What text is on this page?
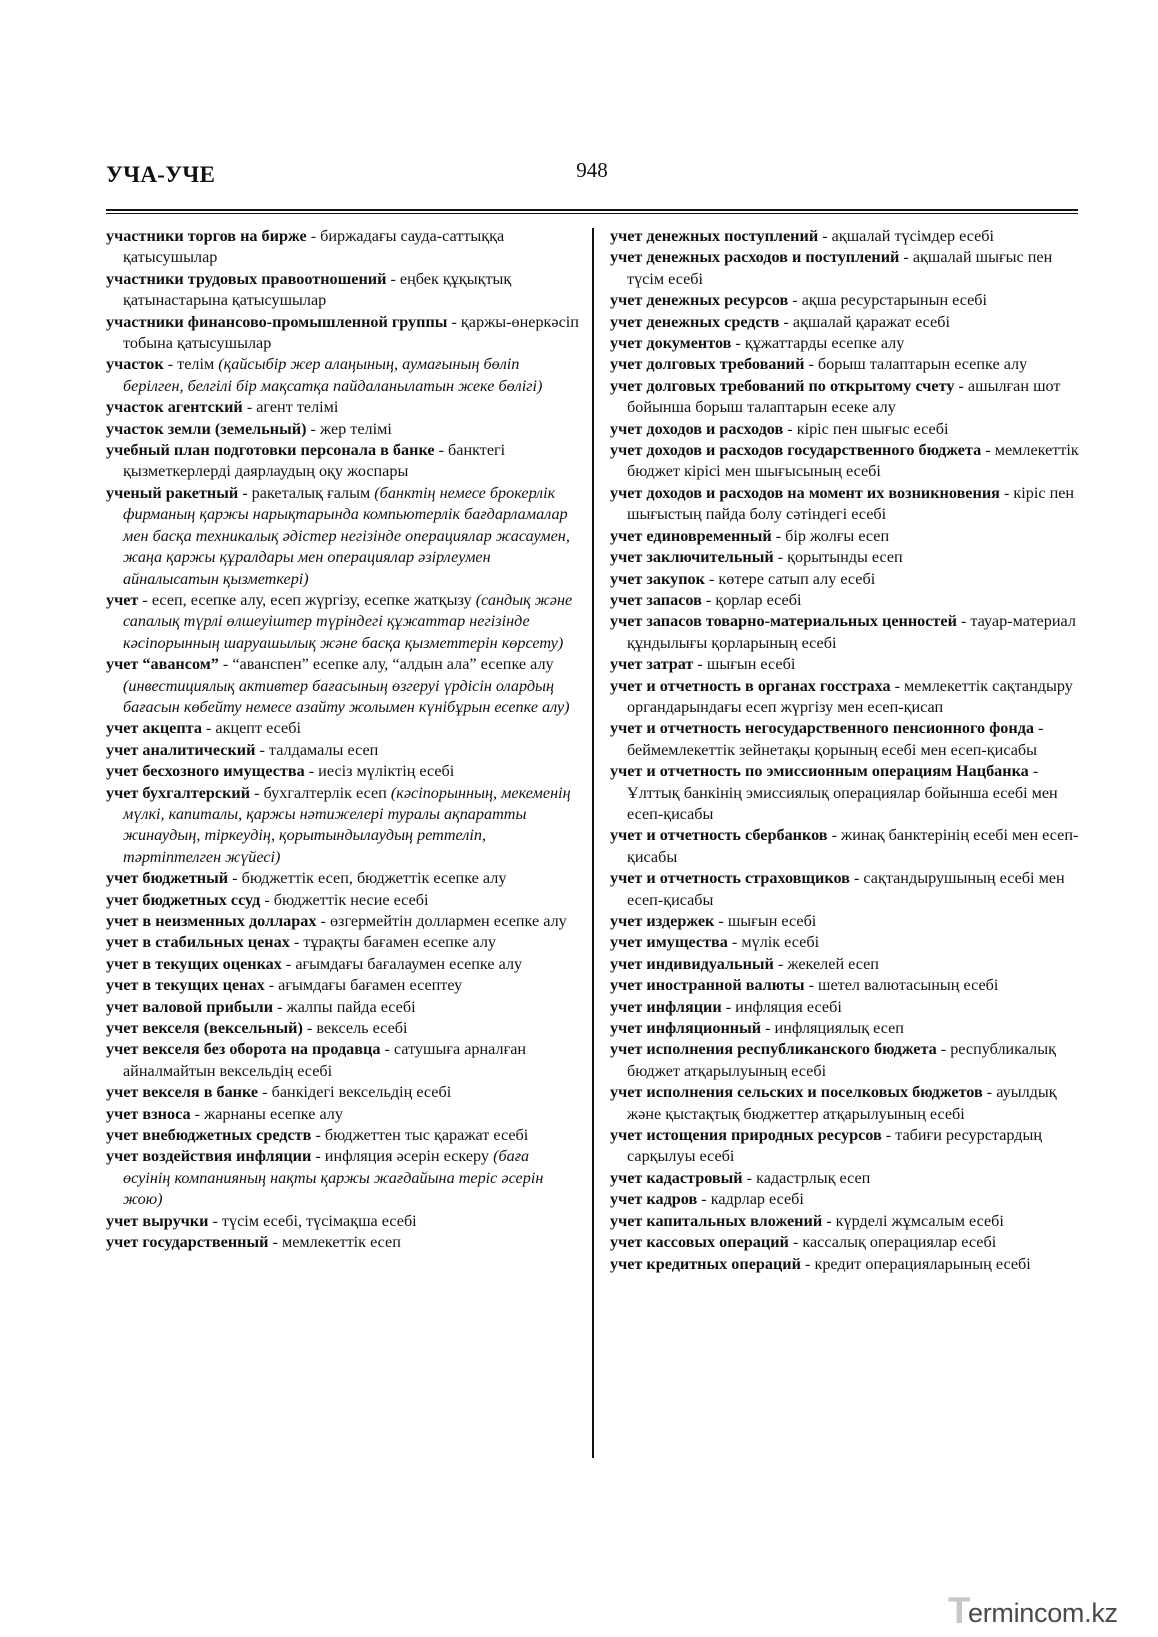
УЧА-УЧЕ	948

участники торгов на бирже - биржадағы сауда-саттыққа қатысушылар

участники трудовых правоотношений - еңбек құқықтық қатынастарына қатысушылар

участники финансово-промышленной группы - қаржы-өнеркәсіп тобына қатысушылар

участок - телім (қайсыбір жер алаңының, аумағының бөліп берілген, белгілі бір мақсатқа пайдаланылатын жеке бөлігі)

участок агентский - агент телімі

участок земли (земельный) - жер телімі

учебный план подготовки персонала в банке - банктегі қызметкерлерді даярлаудың оқу жоспары

ученый ракетный - ракеталық ғалым (банктің немесе брокерлік фирманың қаржы нарықтарында компьютерлік бағдарламалар мен басқа техникалық әдістер негізінде операциялар жасаумен, жаңа қаржы құралдары мен операциялар әзірлеумен айналысатын қызметкері)

учет - есеп, есепке алу, есеп жүргізу, есепке жатқызу (сандық және сапалық түрлі өлшеуіштер түріндегі құжаттар негізінде кәсіпорынның шаруашылық және басқа қызметтерін көрсету)

учет “авансом” - “аванспен” есепке алу, “алдын ала” есепке алу (инвестициялық активтер бағасының өзгеруі үрдісін олардың бағасын көбейту немесе азайту жолымен күнібұрын есепке алу)

учет акцепта - акцепт есебі

учет аналитический - талдамалы есеп

учет бесхозного имущества - иесіз мүліктің есебі

учет бухгалтерский - бухгалтерлік есеп (кәсіпорынның, мекеменің мүлкі, капиталы, қаржы нәтижелері туралы ақпаратты жинаудың, тіркеудің, қорытындылаудың реттеліп, тәртіптелген жүйесі)

учет бюджетный - бюджеттік есеп, бюджеттік есепке алу

учет бюджетных ссуд - бюджеттік несие есебі

учет в неизменных долларах - өзгермейтін доллармен есепке алу

учет в стабильных ценах - тұрақты бағамен есепке алу

учет в текущих оценках - ағымдағы бағалаумен есепке алу

учет в текущих ценах - ағымдағы бағамен есептеу

учет валовой прибыли - жалпы пайда есебі

учет векселя (вексельный) - вексель есебі

учет векселя без оборота на продавца - сатушыға арналған айналмайтын вексельдің есебі

учет векселя в банке - банкідегі вексельдің есебі

учет взноса - жарнаны есепке алу

учет внебюджетных средств - бюджеттен тыс қаражат есебі

учет воздействия инфляции - инфляция әсерін ескеру (баға өсуінің компанияның нақты қаржы жағдайына теріс әсерін жою)

учет выручки - түсім есебі, түсімақша есебі

учет государственный - мемлекеттік есеп

учет денежных поступлений - ақшалай түсімдер есебі

учет денежных расходов и поступлений - ақшалай шығыс пен түсім есебі

учет денежных ресурсов - ақша ресурстарынын есебі

учет денежных средств - ақшалай қаражат есебі

учет документов - құжаттарды есепке алу

учет долговых требований - борыш талаптарын есепке алу

учет долговых требований по открытому счету - ашылған шот бойынша борыш талаптарын есеке алу

учет доходов и расходов - кіріс пен шығыс есебі

учет доходов и расходов государственного бюджета - мемлекеттік бюджет кірісі мен шығысының есебі

учет доходов и расходов на момент их возникновения - кіріс пен шығыстың пайда болу сәтіндегі есебі

учет единовременный - бір жолғы есеп

учет заключительный - қорытынды есеп

учет закупок - көтере сатып алу есебі

учет запасов - қорлар есебі

учет запасов товарно-материальных ценностей - тауар-материал құндылығы қорларының есебі

учет затрат - шығын есебі

учет и отчетность в органах госстраха - мемлекеттік сақтандыру органдарындағы есеп жүргізу мен есеп-қисап

учет и отчетность негосударственного пенсионного фонда - беймемлекеттік зейнетақы қорының есебі мен есеп-қисабы

учет и отчетность по эмиссионным операциям Нацбанка - Ұлттық банкінің эмиссиялық операциялар бойынша есебі мен есеп-қисабы

учет и отчетность сбербанков - жинақ банктерінің есебі мен есеп-қисабы

учет и отчетность страховщиков - сақтандырушының есебі мен есеп-қисабы

учет издержек - шығын есебі

учет имущества - мүлік есебі

учет индивидуальный - жекелей есеп

учет иностранной валюты - шетел валютасының есебі

учет инфляции - инфляция есебі

учет инфляционный - инфляциялық есеп

учет исполнения республиканского бюджета - республикалық бюджет атқарылуының есебі

учет исполнения сельских и поселковых бюджетов - ауылдық және қыстақтық бюджеттер атқарылуының есебі

учет истощения природных ресурсов - табиғи ресурстардың сарқылуы есебі

учет кадастровый - кадастрлық есеп

учет кадров - кадрлар есебі

учет капитальных вложений - күрделі жұмсалым есебі

учет кассовых операций - кассалық операциялар есебі

учет кредитных операций - кредит операцияларының есебі

T
ermincom.kz
